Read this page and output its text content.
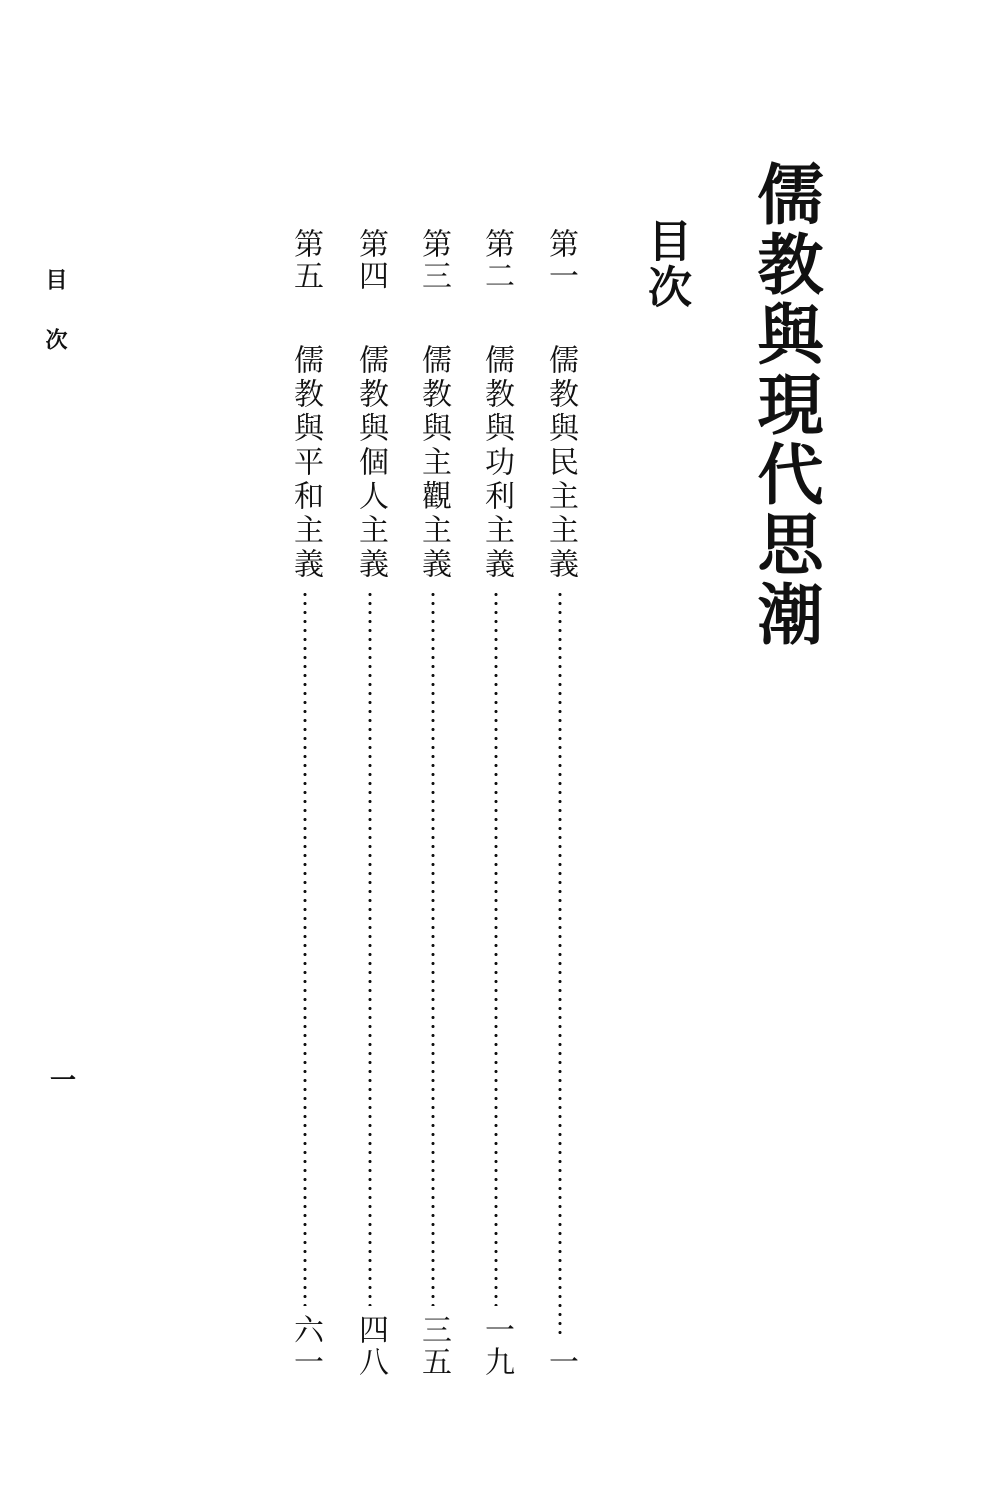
儒教與現代思潮
目次
第一
儒教與民主主義
一
第二
儒教與功利主義
一九
第三
儒教與主觀主義
三五
第四
儒教與個人主義
四八
第五
儒教與平和主義
六一
目次
一
